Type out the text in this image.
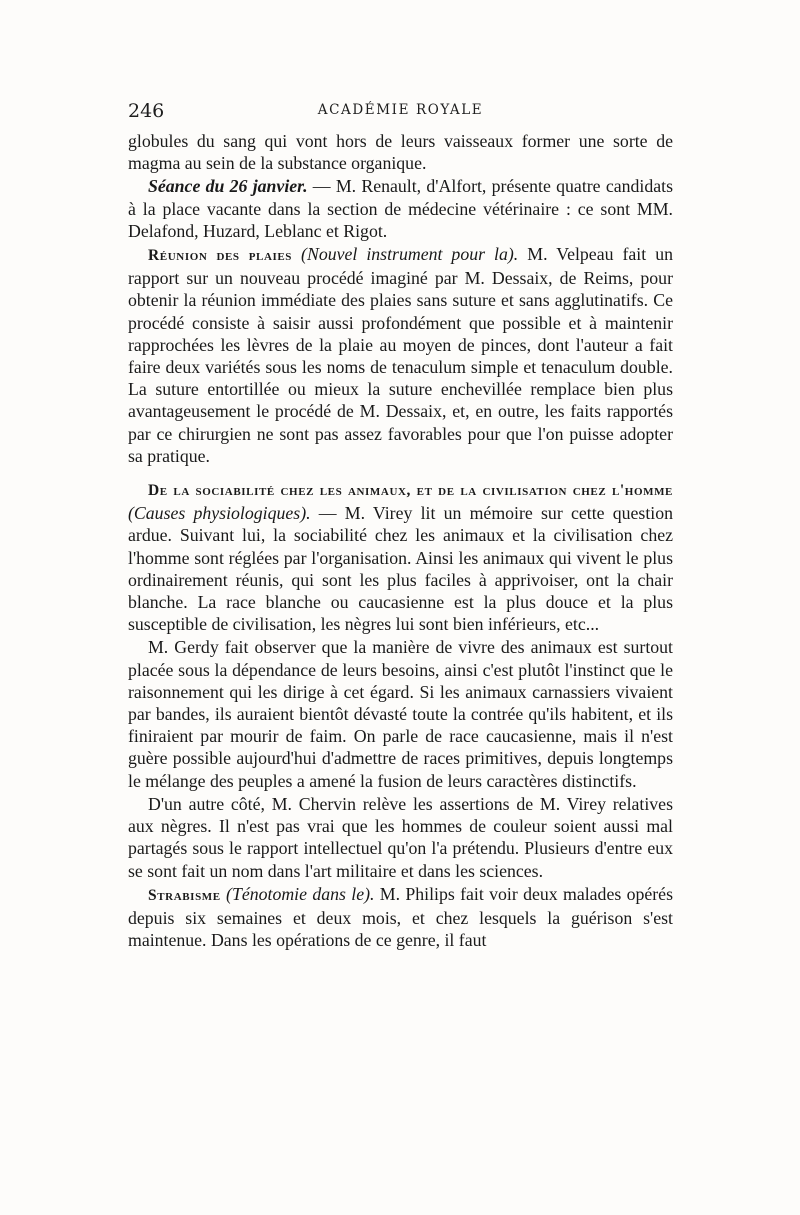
246	ACADÉMIE ROYALE

globules du sang qui vont hors de leurs vaisseaux former une sorte de magma au sein de la substance organique.

Séance du 26 janvier. — M. Renault, d'Alfort, présente quatre candidats à la place vacante dans la section de médecine vétérinaire : ce sont MM. Delafond, Huzard, Leblanc et Rigot.

Réunion des plaies (Nouvel instrument pour la). M. Velpeau fait un rapport sur un nouveau procédé imaginé par M. Dessaix, de Reims, pour obtenir la réunion immédiate des plaies sans suture et sans agglutinatifs. Ce procédé consiste à saisir aussi profondément que possible et à maintenir rapprochées les lèvres de la plaie au moyen de pinces, dont l'auteur a fait faire deux variétés sous les noms de tenaculum simple et tenaculum double. La suture entortillée ou mieux la suture enchevillée remplace bien plus avantageusement le procédé de M. Dessaix, et, en outre, les faits rapportés par ce chirurgien ne sont pas assez favorables pour que l'on puisse adopter sa pratique.

De la sociabilité chez les animaux, et de la civilisation chez l'homme (Causes physiologiques). — M. Virey lit un mémoire sur cette question ardue. Suivant lui, la sociabilité chez les animaux et la civilisation chez l'homme sont réglées par l'organisation. Ainsi les animaux qui vivent le plus ordinairement réunis, qui sont les plus faciles à apprivoiser, ont la chair blanche. La race blanche ou caucasienne est la plus douce et la plus susceptible de civilisation, les nègres lui sont bien inférieurs, etc...

M. Gerdy fait observer que la manière de vivre des animaux est surtout placée sous la dépendance de leurs besoins, ainsi c'est plutôt l'instinct que le raisonnement qui les dirige à cet égard. Si les animaux carnassiers vivaient par bandes, ils auraient bientôt dévasté toute la contrée qu'ils habitent, et ils finiraient par mourir de faim. On parle de race caucasienne, mais il n'est guère possible aujourd'hui d'admettre de races primitives, depuis longtemps le mélange des peuples a amené la fusion de leurs caractères distinctifs.

D'un autre côté, M. Chervin relève les assertions de M. Virey relatives aux nègres. Il n'est pas vrai que les hommes de couleur soient aussi mal partagés sous le rapport intellectuel qu'on l'a prétendu. Plusieurs d'entre eux se sont fait un nom dans l'art militaire et dans les sciences.

Strabisme (Ténotomie dans le). M. Philips fait voir deux malades opérés depuis six semaines et deux mois, et chez lesquels la guérison s'est maintenue. Dans les opérations de ce genre, il faut
